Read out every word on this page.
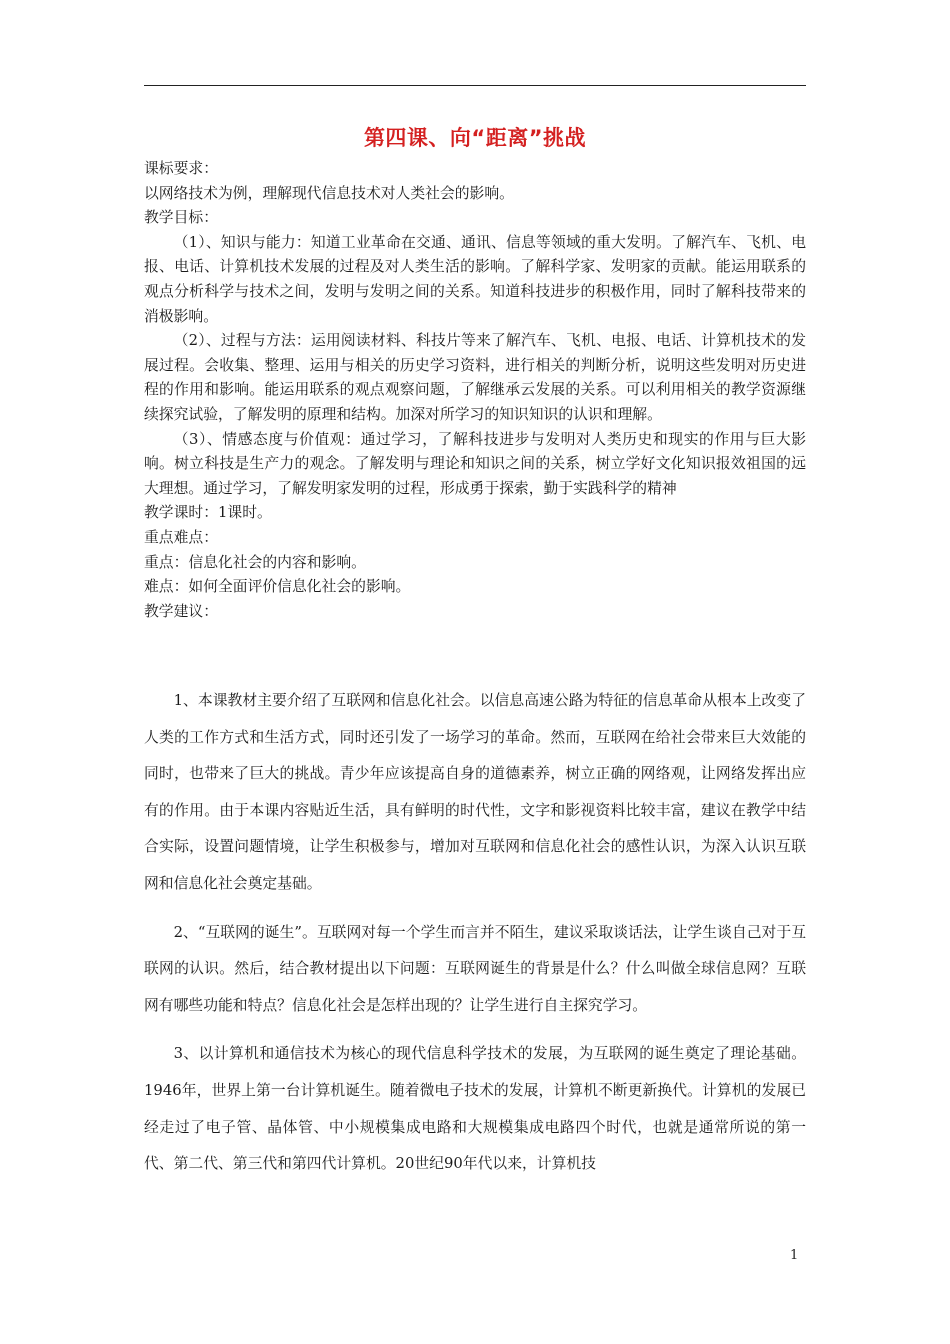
第四课、向“距离”挑战

课标要求：

以网络技术为例，理解现代信息技术对人类社会的影响。

教学目标：

（1）、知识与能力：知道工业革命在交通、通讯、信息等领域的重大发明。了解汽车、飞机、电报、电话、计算机技术发展的过程及对人类生活的影响。了解科学家、发明家的贡献。能运用联系的观点分析科学与技术之间，发明与发明之间的关系。知道科技进步的积极作用，同时了解科技带来的消极影响。

（2）、过程与方法：运用阅读材料、科技片等来了解汽车、飞机、电报、电话、计算机技术的发展过程。会收集、整理、运用与相关的历史学习资料，进行相关的判断分析，说明这些发明对历史进程的作用和影响。能运用联系的观点观察问题，了解继承云发展的关系。可以利用相关的教学资源继续探究试验，了解发明的原理和结构。加深对所学习的知识知识的认识和理解。

（3）、情感态度与价值观：通过学习，了解科技进步与发明对人类历史和现实的作用与巨大影响。树立科技是生产力的观念。了解发明与理论和知识之间的关系，树立学好文化知识报效祖国的远大理想。通过学习，了解发明家发明的过程，形成勇于探索，勤于实践科学的精神

教学课时：1课时。

重点难点：

重点：信息化社会的内容和影响。

难点：如何全面评价信息化社会的影响。

教学建议：

1、本课教材主要介绍了互联网和信息化社会。以信息高速公路为特征的信息革命从根本上改变了人类的工作方式和生活方式，同时还引发了一场学习的革命。然而，互联网在给社会带来巨大效能的同时，也带来了巨大的挑战。青少年应该提高自身的道德素养，树立正确的网络观，让网络发挥出应有的作用。由于本课内容贴近生活，具有鲜明的时代性，文字和影视资料比较丰富，建议在教学中结合实际，设置问题情境，让学生积极参与，增加对互联网和信息化社会的感性认识，为深入认识互联网和信息化社会奠定基础。

2、“互联网的诞生”。互联网对每一个学生而言并不陌生，建议采取谈话法，让学生谈自己对于互联网的认识。然后，结合教材提出以下问题：互联网诞生的背景是什么？什么叫做全球信息网？互联网有哪些功能和特点？信息化社会是怎样出现的？让学生进行自主探究学习。

3、以计算机和通信技术为核心的现代信息科学技术的发展，为互联网的诞生奠定了理论基础。1946年，世界上第一台计算机诞生。随着微电子技术的发展，计算机不断更新换代。计算机的发展已经走过了电子管、晶体管、中小规模集成电路和大规模集成电路四个时代，也就是通常所说的第一代、第二代、第三代和第四代计算机。20世纪90年代以来，计算机技

1
